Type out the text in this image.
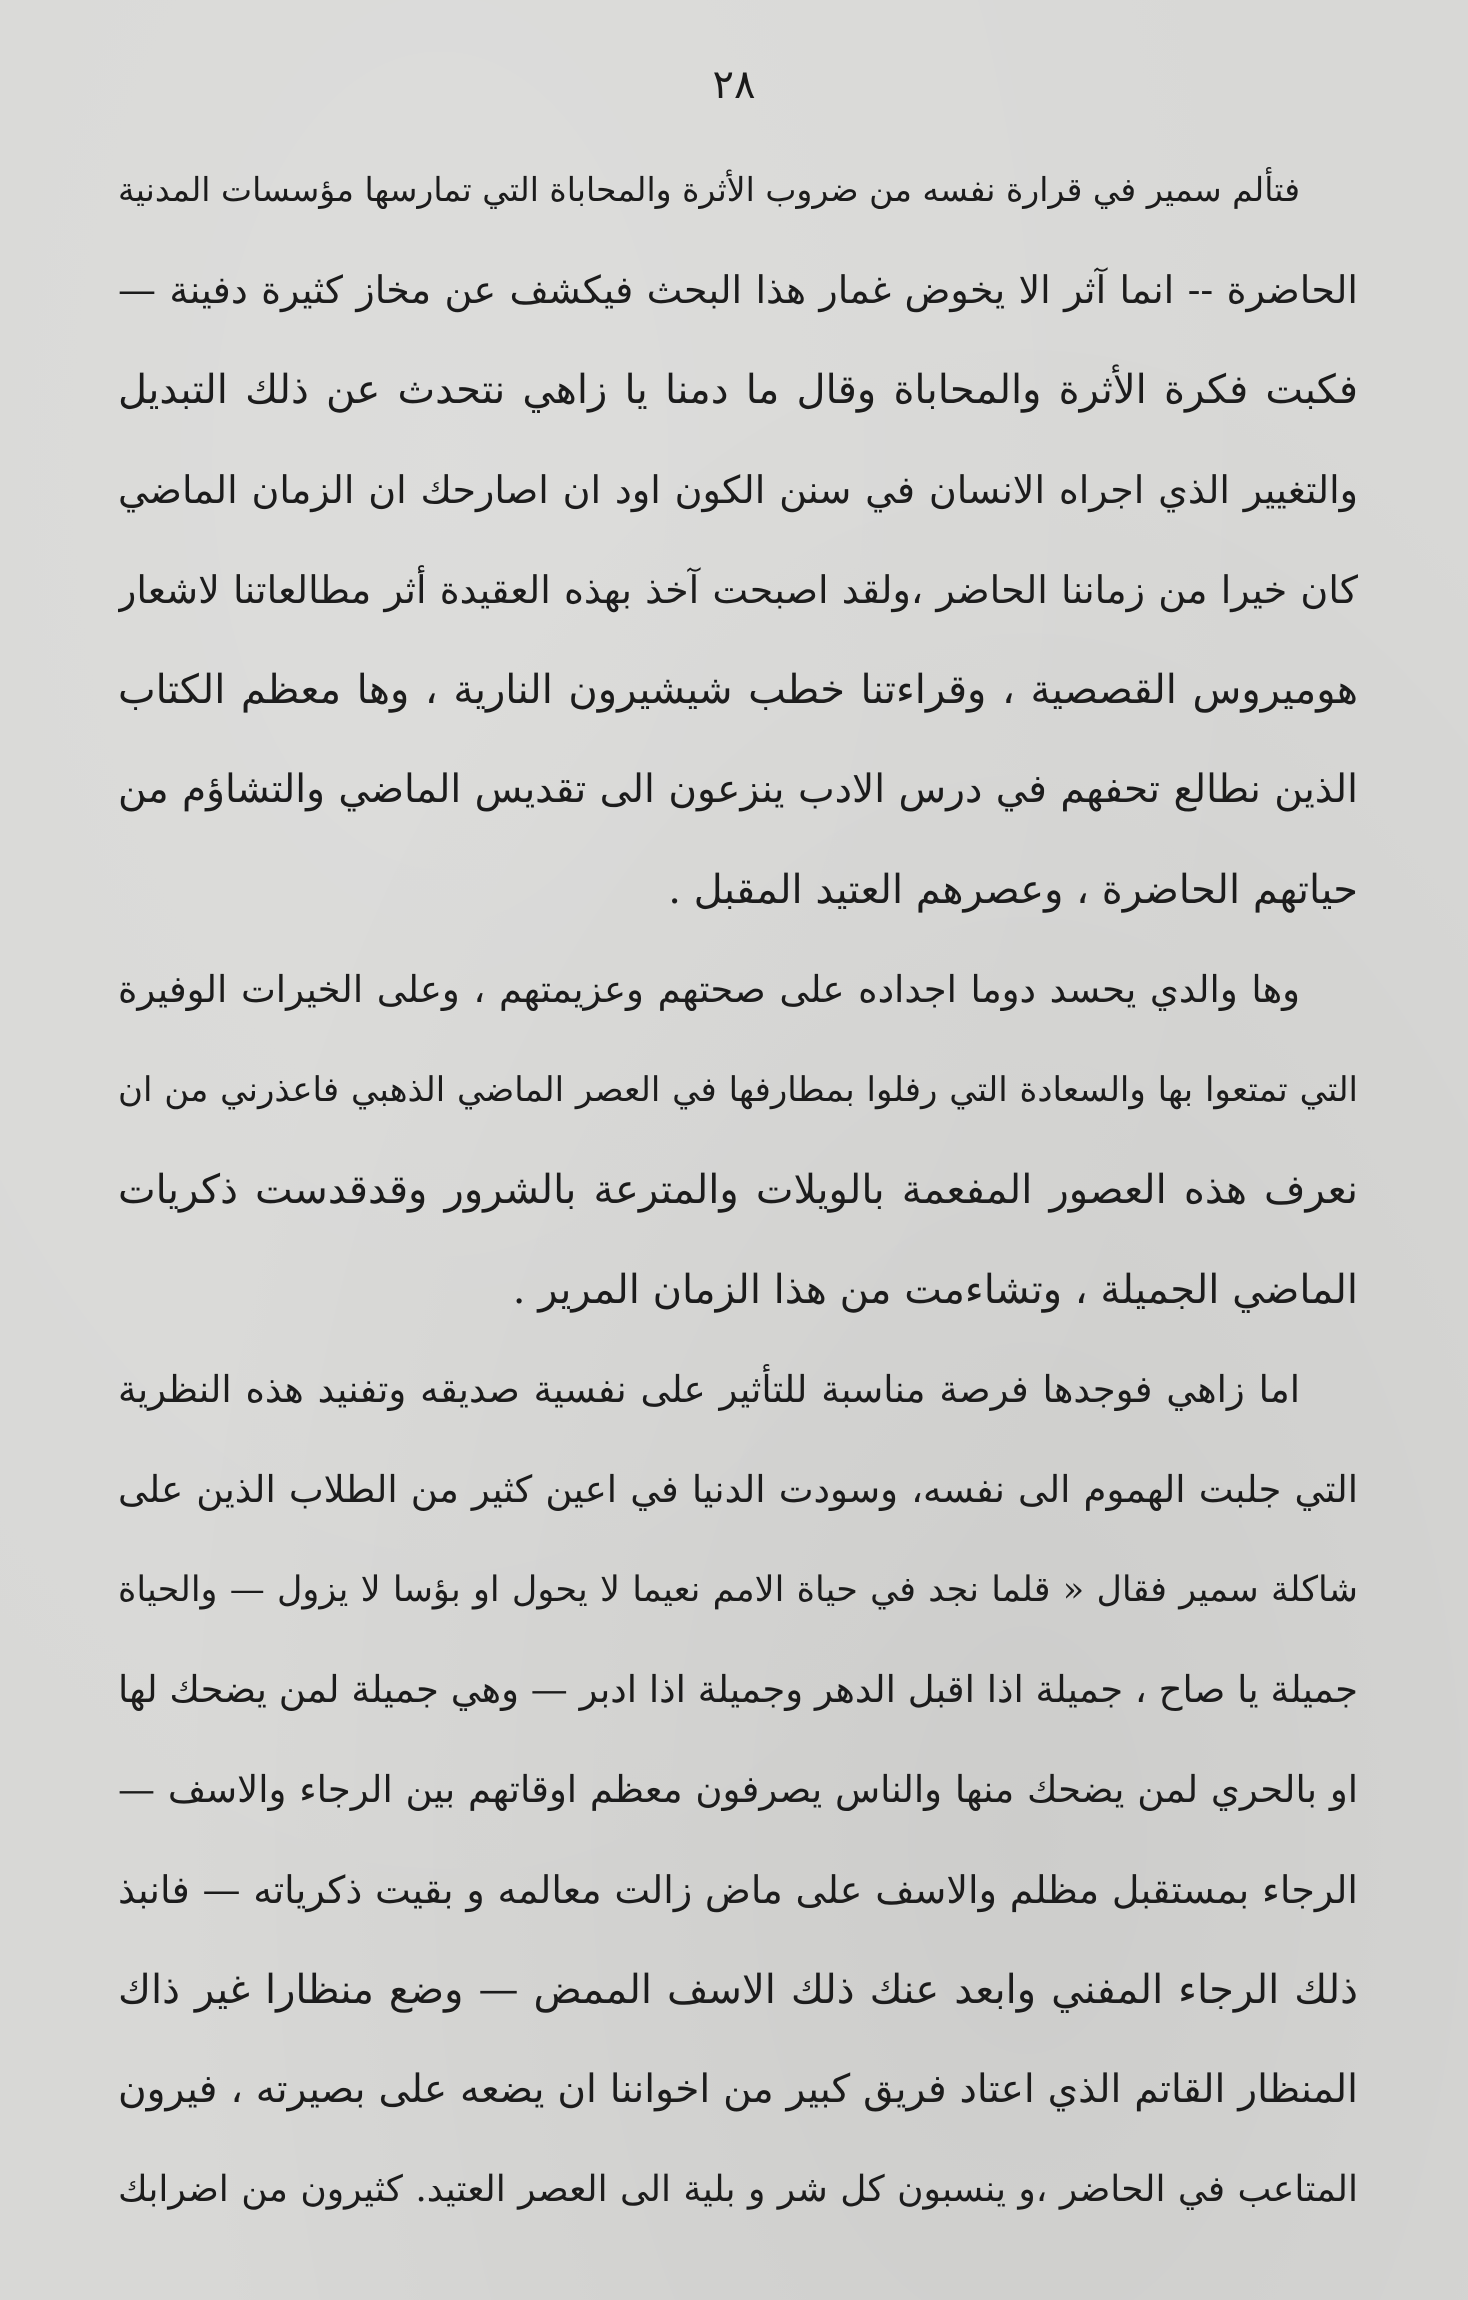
٢٨
فتألم سمير في قرارة نفسه من ضروب الأثرة والمحاباة التي تمارسها مؤسسات المدنية
الحاضرة -- انما آثر الا يخوض غمار هذا البحث فيكشف عن مخاز كثيرة دفينة —
فكبت فكرة الأثرة والمحاباة وقال ما دمنا يا زاهي نتحدث عن ذلك التبديل
والتغيير الذي اجراه الانسان في سنن الكون اود ان اصارحك ان الزمان الماضي
كان خيرا من زماننا الحاضر ،ولقد اصبحت آخذ بهذه العقيدة أثر مطالعاتنا لاشعار
هوميروس القصصية ، وقراءتنا خطب شيشيرون النارية ، وها معظم الكتاب
الذين نطالع تحفهم في درس الادب ينزعون الى تقديس الماضي والتشاؤم من
حياتهم الحاضرة ، وعصرهم العتيد المقبل .
وها والدي يحسد دوما اجداده على صحتهم وعزيمتهم ، وعلى الخيرات الوفيرة
التي تمتعوا بها والسعادة التي رفلوا بمطارفها في العصر الماضي الذهبي فاعذرني من ان
نعرف هذه العصور المفعمة بالويلات والمترعة بالشرور وقدقدست ذكريات
الماضي الجميلة ، وتشاءمت من هذا الزمان المرير .
اما زاهي فوجدها فرصة مناسبة للتأثير على نفسية صديقه وتفنيد هذه النظرية
التي جلبت الهموم الى نفسه، وسودت الدنيا في اعين كثير من الطلاب الذين على
شاكلة سمير فقال « قلما نجد في حياة الامم نعيما لا يحول او بؤسا لا يزول — والحياة
جميلة يا صاح ، جميلة اذا اقبل الدهر وجميلة اذا ادبر — وهي جميلة لمن يضحك لها
او بالحري لمن يضحك منها والناس يصرفون معظم اوقاتهم بين الرجاء والاسف —
الرجاء بمستقبل مظلم والاسف على ماض زالت معالمه و بقيت ذكرياته — فانبذ
ذلك الرجاء المفني وابعد عنك ذلك الاسف الممض — وضع منظارا غير ذاك
المنظار القاتم الذي اعتاد فريق كبير من اخواننا ان يضعه على بصيرته ، فيرون
المتاعب في الحاضر ،و ينسبون كل شر و بلية الى العصر العتيد. كثيرون من اضرابك
